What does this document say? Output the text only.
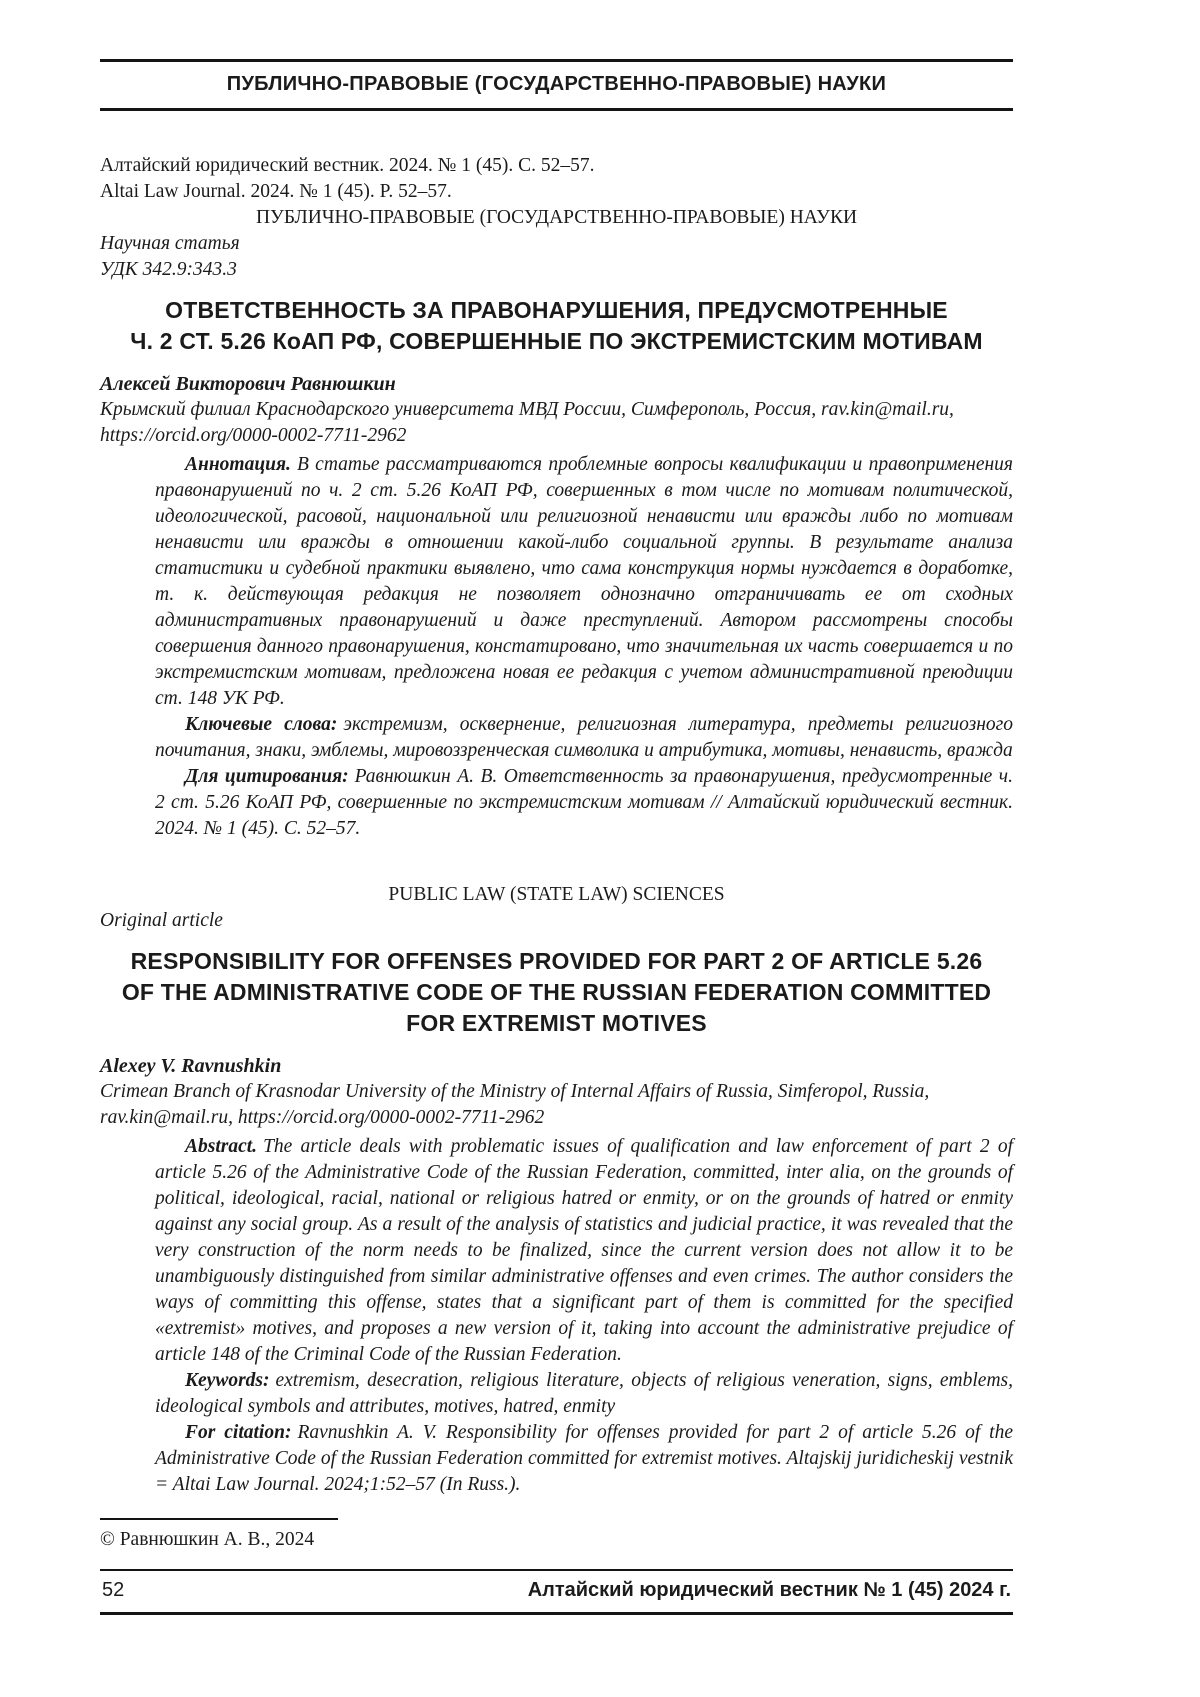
ПУБЛИЧНО-ПРАВОВЫЕ (ГОСУДАРСТВЕННО-ПРАВОВЫЕ) НАУКИ

Алтайский юридический вестник. 2024. № 1 (45). С. 52–57.

Altai Law Journal. 2024. № 1 (45). P. 52–57.

ПУБЛИЧНО-ПРАВОВЫЕ (ГОСУДАРСТВЕННО-ПРАВОВЫЕ) НАУКИ

Научная статья

УДК 342.9:343.3

ОТВЕТСТВЕННОСТЬ ЗА ПРАВОНАРУШЕНИЯ, ПРЕДУСМОТРЕННЫЕ
Ч. 2 СТ. 5.26 КоАП РФ, СОВЕРШЕННЫЕ ПО ЭКСТРЕМИСТСКИМ МОТИВАМ

Алексей Викторович Равнюшкин

Крымский филиал Краснодарского университета МВД России, Симферополь, Россия, rav.kin@mail.ru, https://orcid.org/0000-0002-7711-2962

Аннотация. В статье рассматриваются проблемные вопросы квалификации и правоприменения правонарушений по ч. 2 ст. 5.26 КоАП РФ, совершенных в том числе по мотивам политической, идеологической, расовой, национальной или религиозной ненависти или вражды либо по мотивам ненависти или вражды в отношении какой-либо социальной группы. В результате анализа статистики и судебной практики выявлено, что сама конструкция нормы нуждается в доработке, т. к. действующая редакция не позволяет однозначно отграничивать ее от сходных административных правонарушений и даже преступлений. Автором рассмотрены способы совершения данного правонарушения, констатировано, что значительная их часть совершается и по экстремистским мотивам, предложена новая ее редакция с учетом административной преюдиции ст. 148 УК РФ.

Ключевые слова: экстремизм, осквернение, религиозная литература, предметы религиозного почитания, знаки, эмблемы, мировоззренческая символика и атрибутика, мотивы, ненависть, вражда

Для цитирования: Равнюшкин А. В. Ответственность за правонарушения, предусмотренные ч. 2 ст. 5.26 КоАП РФ, совершенные по экстремистским мотивам // Алтайский юридический вестник. 2024. № 1 (45). С. 52–57.

PUBLIC LAW (STATE LAW) SCIENCES

Original article

RESPONSIBILITY FOR OFFENSES PROVIDED FOR PART 2 OF ARTICLE 5.26
OF THE ADMINISTRATIVE CODE OF THE RUSSIAN FEDERATION COMMITTED
FOR EXTREMIST MOTIVES

Alexey V. Ravnushkin

Crimean Branch of Krasnodar University of the Ministry of Internal Affairs of Russia, Simferopol, Russia, rav.kin@mail.ru, https://orcid.org/0000-0002-7711-2962

Abstract. The article deals with problematic issues of qualification and law enforcement of part 2 of article 5.26 of the Administrative Code of the Russian Federation, committed, inter alia, on the grounds of political, ideological, racial, national or religious hatred or enmity, or on the grounds of hatred or enmity against any social group. As a result of the analysis of statistics and judicial practice, it was revealed that the very construction of the norm needs to be finalized, since the current version does not allow it to be unambiguously distinguished from similar administrative offenses and even crimes. The author considers the ways of committing this offense, states that a significant part of them is committed for the specified «extremist» motives, and proposes a new version of it, taking into account the administrative prejudice of article 148 of the Criminal Code of the Russian Federation.

Keywords: extremism, desecration, religious literature, objects of religious veneration, signs, emblems, ideological symbols and attributes, motives, hatred, enmity

For citation: Ravnushkin A. V. Responsibility for offenses provided for part 2 of article 5.26 of the Administrative Code of the Russian Federation committed for extremist motives. Altajskij juridicheskij vestnik = Altai Law Journal. 2024;1:52–57 (In Russ.).

© Равнюшкин А. В., 2024

52	Алтайский юридический вестник № 1 (45) 2024 г.
